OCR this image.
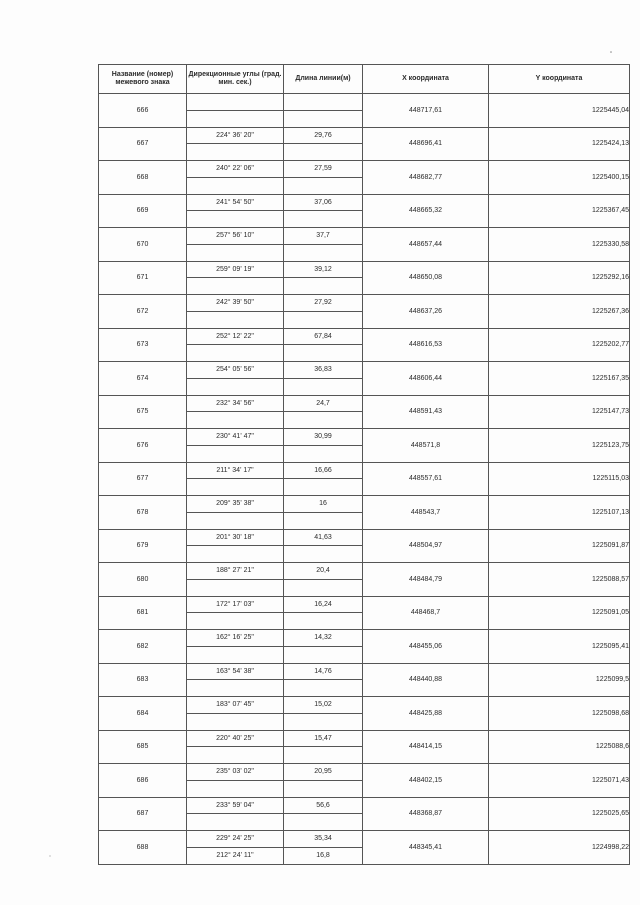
Название (номер) межевого знака	Дирекционные углы (град. мин. сек.)	Длина линии(м)	X координата	Y координата
666			448717,61	1225445,04

667	224° 36' 20"	29,76	448696,41	1225424,13

668	240° 22' 06"	27,59	448682,77	1225400,15

669	241° 54' 50"	37,06	448665,32	1225367,45

670	257° 56' 10"	37,7	448657,44	1225330,58

671	259° 09' 19"	39,12	448650,08	1225292,16

672	242° 39' 50"	27,92	448637,26	1225267,36

673	252° 12' 22"	67,84	448616,53	1225202,77

674	254° 05' 56"	36,83	448606,44	1225167,35

675	232° 34' 56"	24,7	448591,43	1225147,73

676	230° 41' 47"	30,99	448571,8	1225123,75

677	211° 34' 17"	16,66	448557,61	1225115,03

678	209° 35' 38"	16	448543,7	1225107,13

679	201° 30' 18"	41,63	448504,97	1225091,87

680	188° 27' 21"	20,4	448484,79	1225088,57

681	172° 17' 03"	16,24	448468,7	1225091,05

682	162° 16' 25"	14,32	448455,06	1225095,41

683	163° 54' 38"	14,76	448440,88	1225099,5

684	183° 07' 45"	15,02	448425,88	1225098,68

685	220° 40' 25"	15,47	448414,15	1225088,6

686	235° 03' 02"	20,95	448402,15	1225071,43

687	233° 59' 04"	56,6	448368,87	1225025,65

688	229° 24' 25"	35,34	448345,41	1224998,22
	212° 24' 11"	16,8		
